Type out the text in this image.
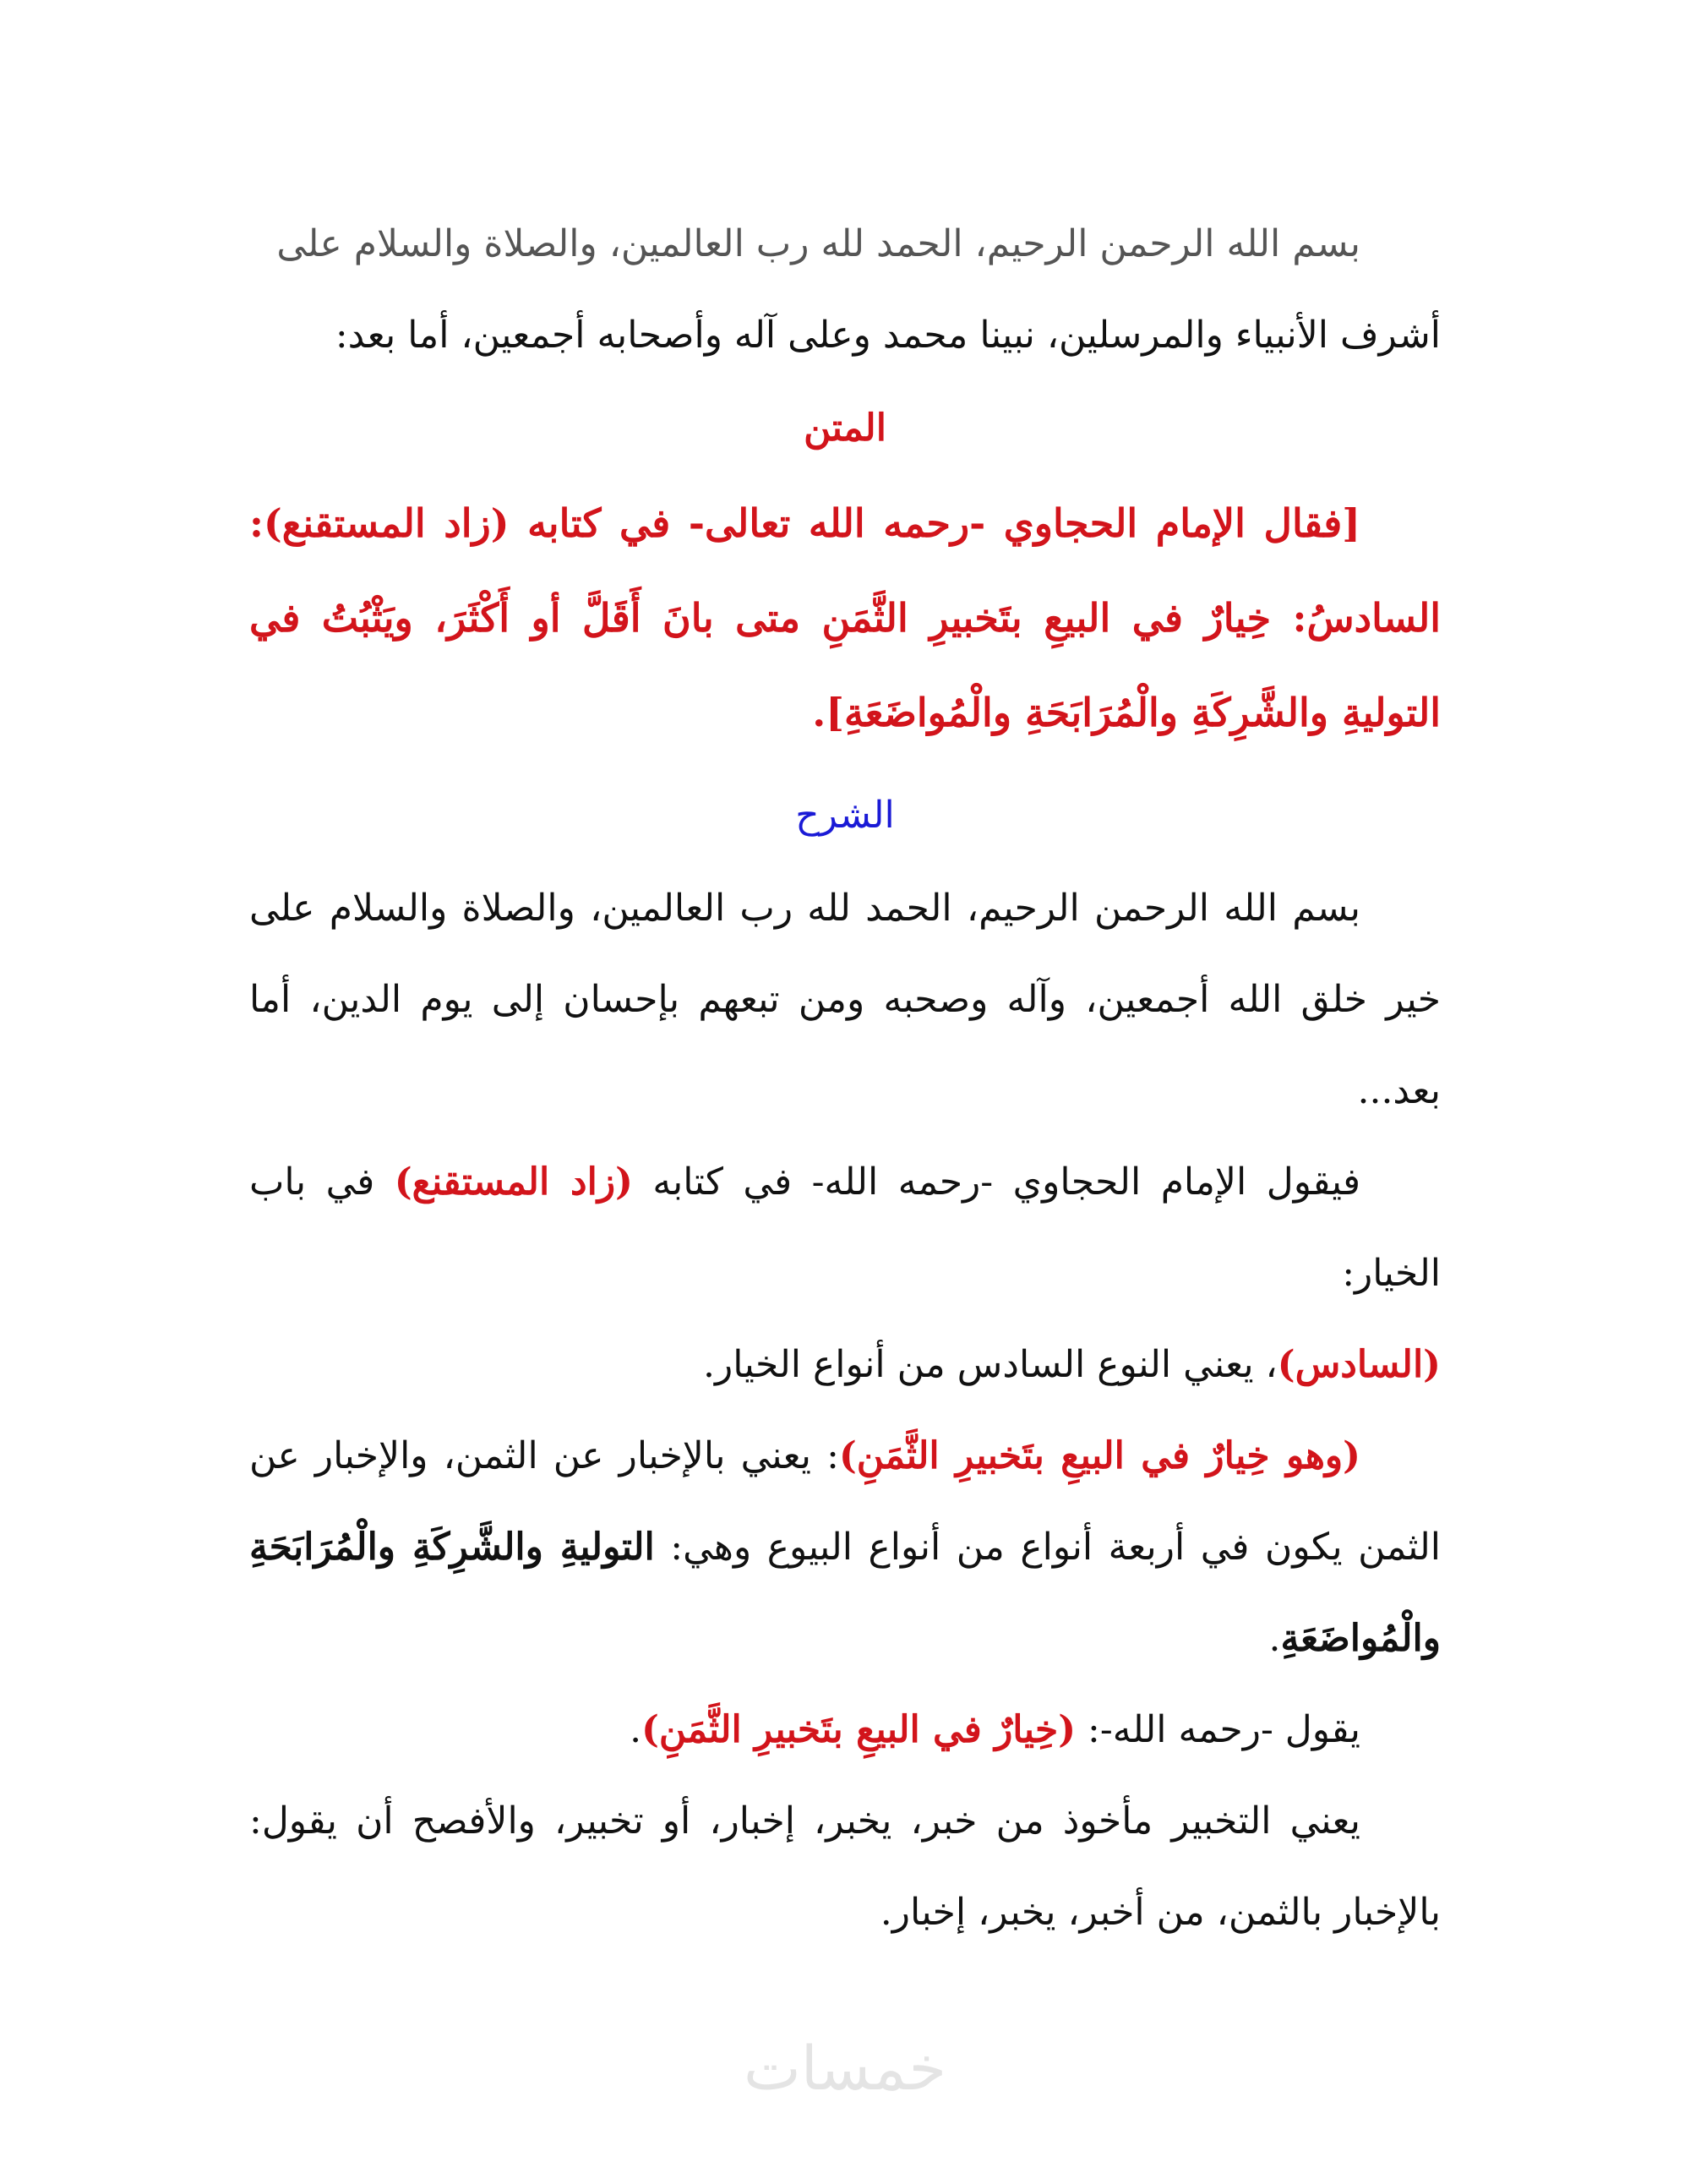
بسم الله الرحمن الرحيم، الحمد لله رب العالمين، والصلاة والسلام على

أشرف الأنبياء والمرسلين، نبينا محمد وعلى آله وأصحابه أجمعين، أما بعد:

المتن

[فقال الإمام الحجاوي -رحمه الله تعالى- في كتابه (زاد المستقنع): السادسُ: خِيارٌ في البيعِ بتَخبيرِ الثَّمَنِ متى بانَ أَقَلَّ أو أَكْثَرَ، ويَثْبُتُ في التوليةِ والشَّرِكَةِ والْمُرَابَحَةِ والْمُواضَعَةِ].

الشرح

بسم الله الرحمن الرحيم، الحمد لله رب العالمين، والصلاة والسلام على خير خلق الله أجمعين، وآله وصحبه ومن تبعهم بإحسان إلى يوم الدين، أما بعد...

فيقول الإمام الحجاوي -رحمه الله- في كتابه (زاد المستقنع) في باب الخيار:

(السادس)، يعني النوع السادس من أنواع الخيار.

(وهو خِيارٌ في البيعِ بتَخبيرِ الثَّمَنِ): يعني بالإخبار عن الثمن، والإخبار عن الثمن يكون في أربعة أنواع من أنواع البيوع وهي: التوليةِ والشَّرِكَةِ والْمُرَابَحَةِ والْمُواضَعَةِ.

يقول -رحمه الله-: (خِيارٌ في البيعِ بتَخبيرِ الثَّمَنِ).

يعني التخبير مأخوذ من خبر، يخبر، إخبار، أو تخبير، والأفصح أن يقول: بالإخبار بالثمن، من أخبر، يخبر، إخبار.

خمسات
